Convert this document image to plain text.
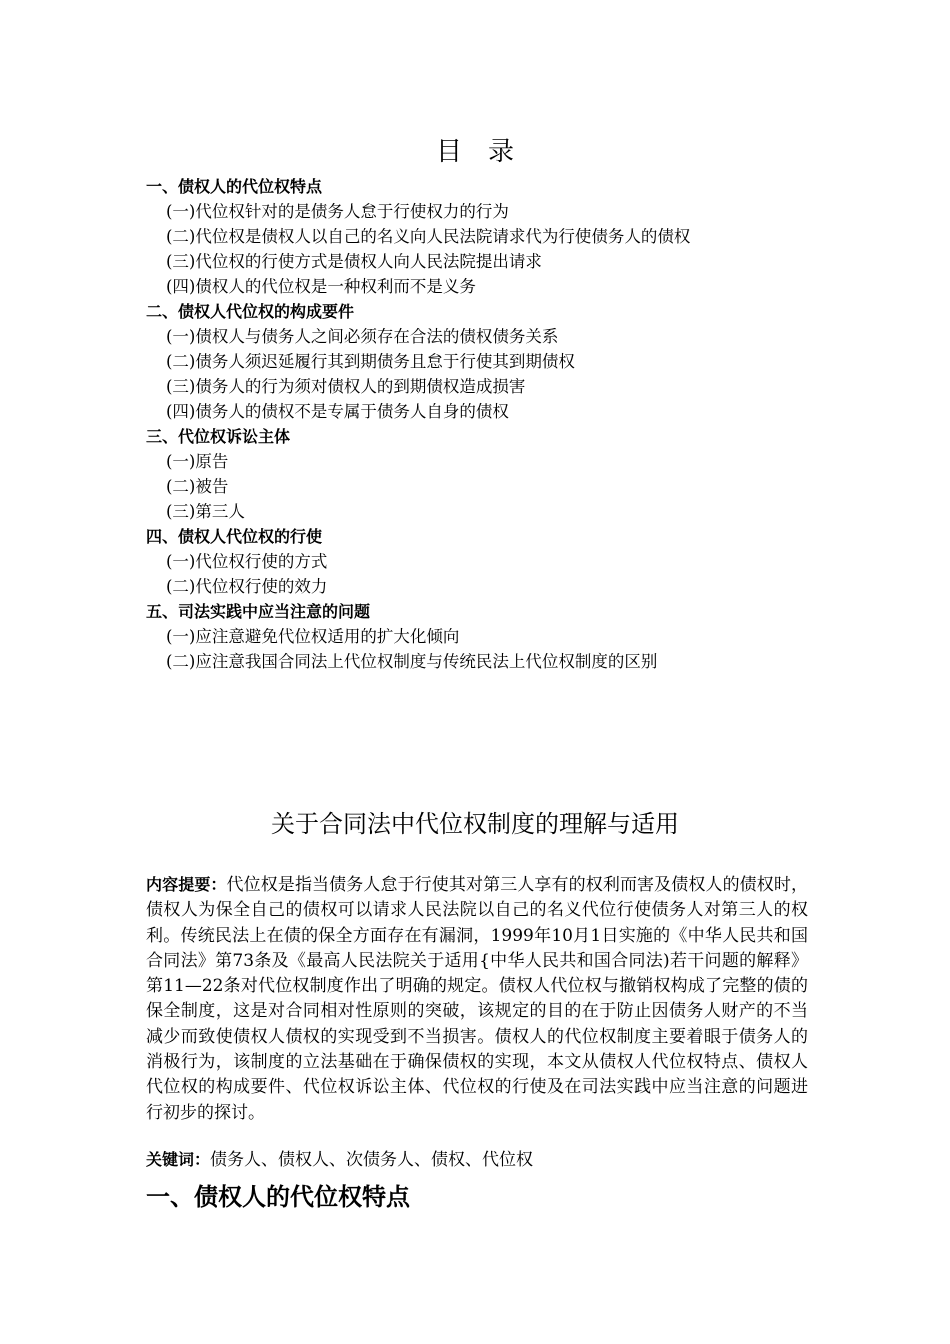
目录
一、债权人的代位权特点
(一)代位权针对的是债务人怠于行使权力的行为
(二)代位权是债权人以自己的名义向人民法院请求代为行使债务人的债权
(三)代位权的行使方式是债权人向人民法院提出请求
(四)债权人的代位权是一种权利而不是义务
二、债权人代位权的构成要件
(一)债权人与债务人之间必须存在合法的债权债务关系
(二)债务人须迟延履行其到期债务且怠于行使其到期债权
(三)债务人的行为须对债权人的到期债权造成损害
(四)债务人的债权不是专属于债务人自身的债权
三、代位权诉讼主体
(一)原告
(二)被告
(三)第三人
四、债权人代位权的行使
(一)代位权行使的方式
(二)代位权行使的效力
五、司法实践中应当注意的问题
(一)应注意避免代位权适用的扩大化倾向
(二)应注意我国合同法上代位权制度与传统民法上代位权制度的区别
关于合同法中代位权制度的理解与适用
内容提要：代位权是指当债务人怠于行使其对第三人享有的权利而害及债权人的债权时，债权人为保全自己的债权可以请求人民法院以自己的名义代位行使债务人对第三人的权利。传统民法上在债的保全方面存在有漏洞，1999年10月1日实施的《中华人民共和国合同法》第73条及《最高人民法院关于适用{中华人民共和国合同法)若干问题的解释》第11—22条对代位权制度作出了明确的规定。债权人代位权与撤销权构成了完整的债的保全制度，这是对合同相对性原则的突破，该规定的目的在于防止因债务人财产的不当减少而致使债权人债权的实现受到不当损害。债权人的代位权制度主要着眼于债务人的消极行为，该制度的立法基础在于确保债权的实现，本文从债权人代位权特点、债权人代位权的构成要件、代位权诉讼主体、代位权的行使及在司法实践中应当注意的问题进行初步的探讨。
关键词：债务人、债权人、次债务人、债权、代位权
一、债权人的代位权特点
